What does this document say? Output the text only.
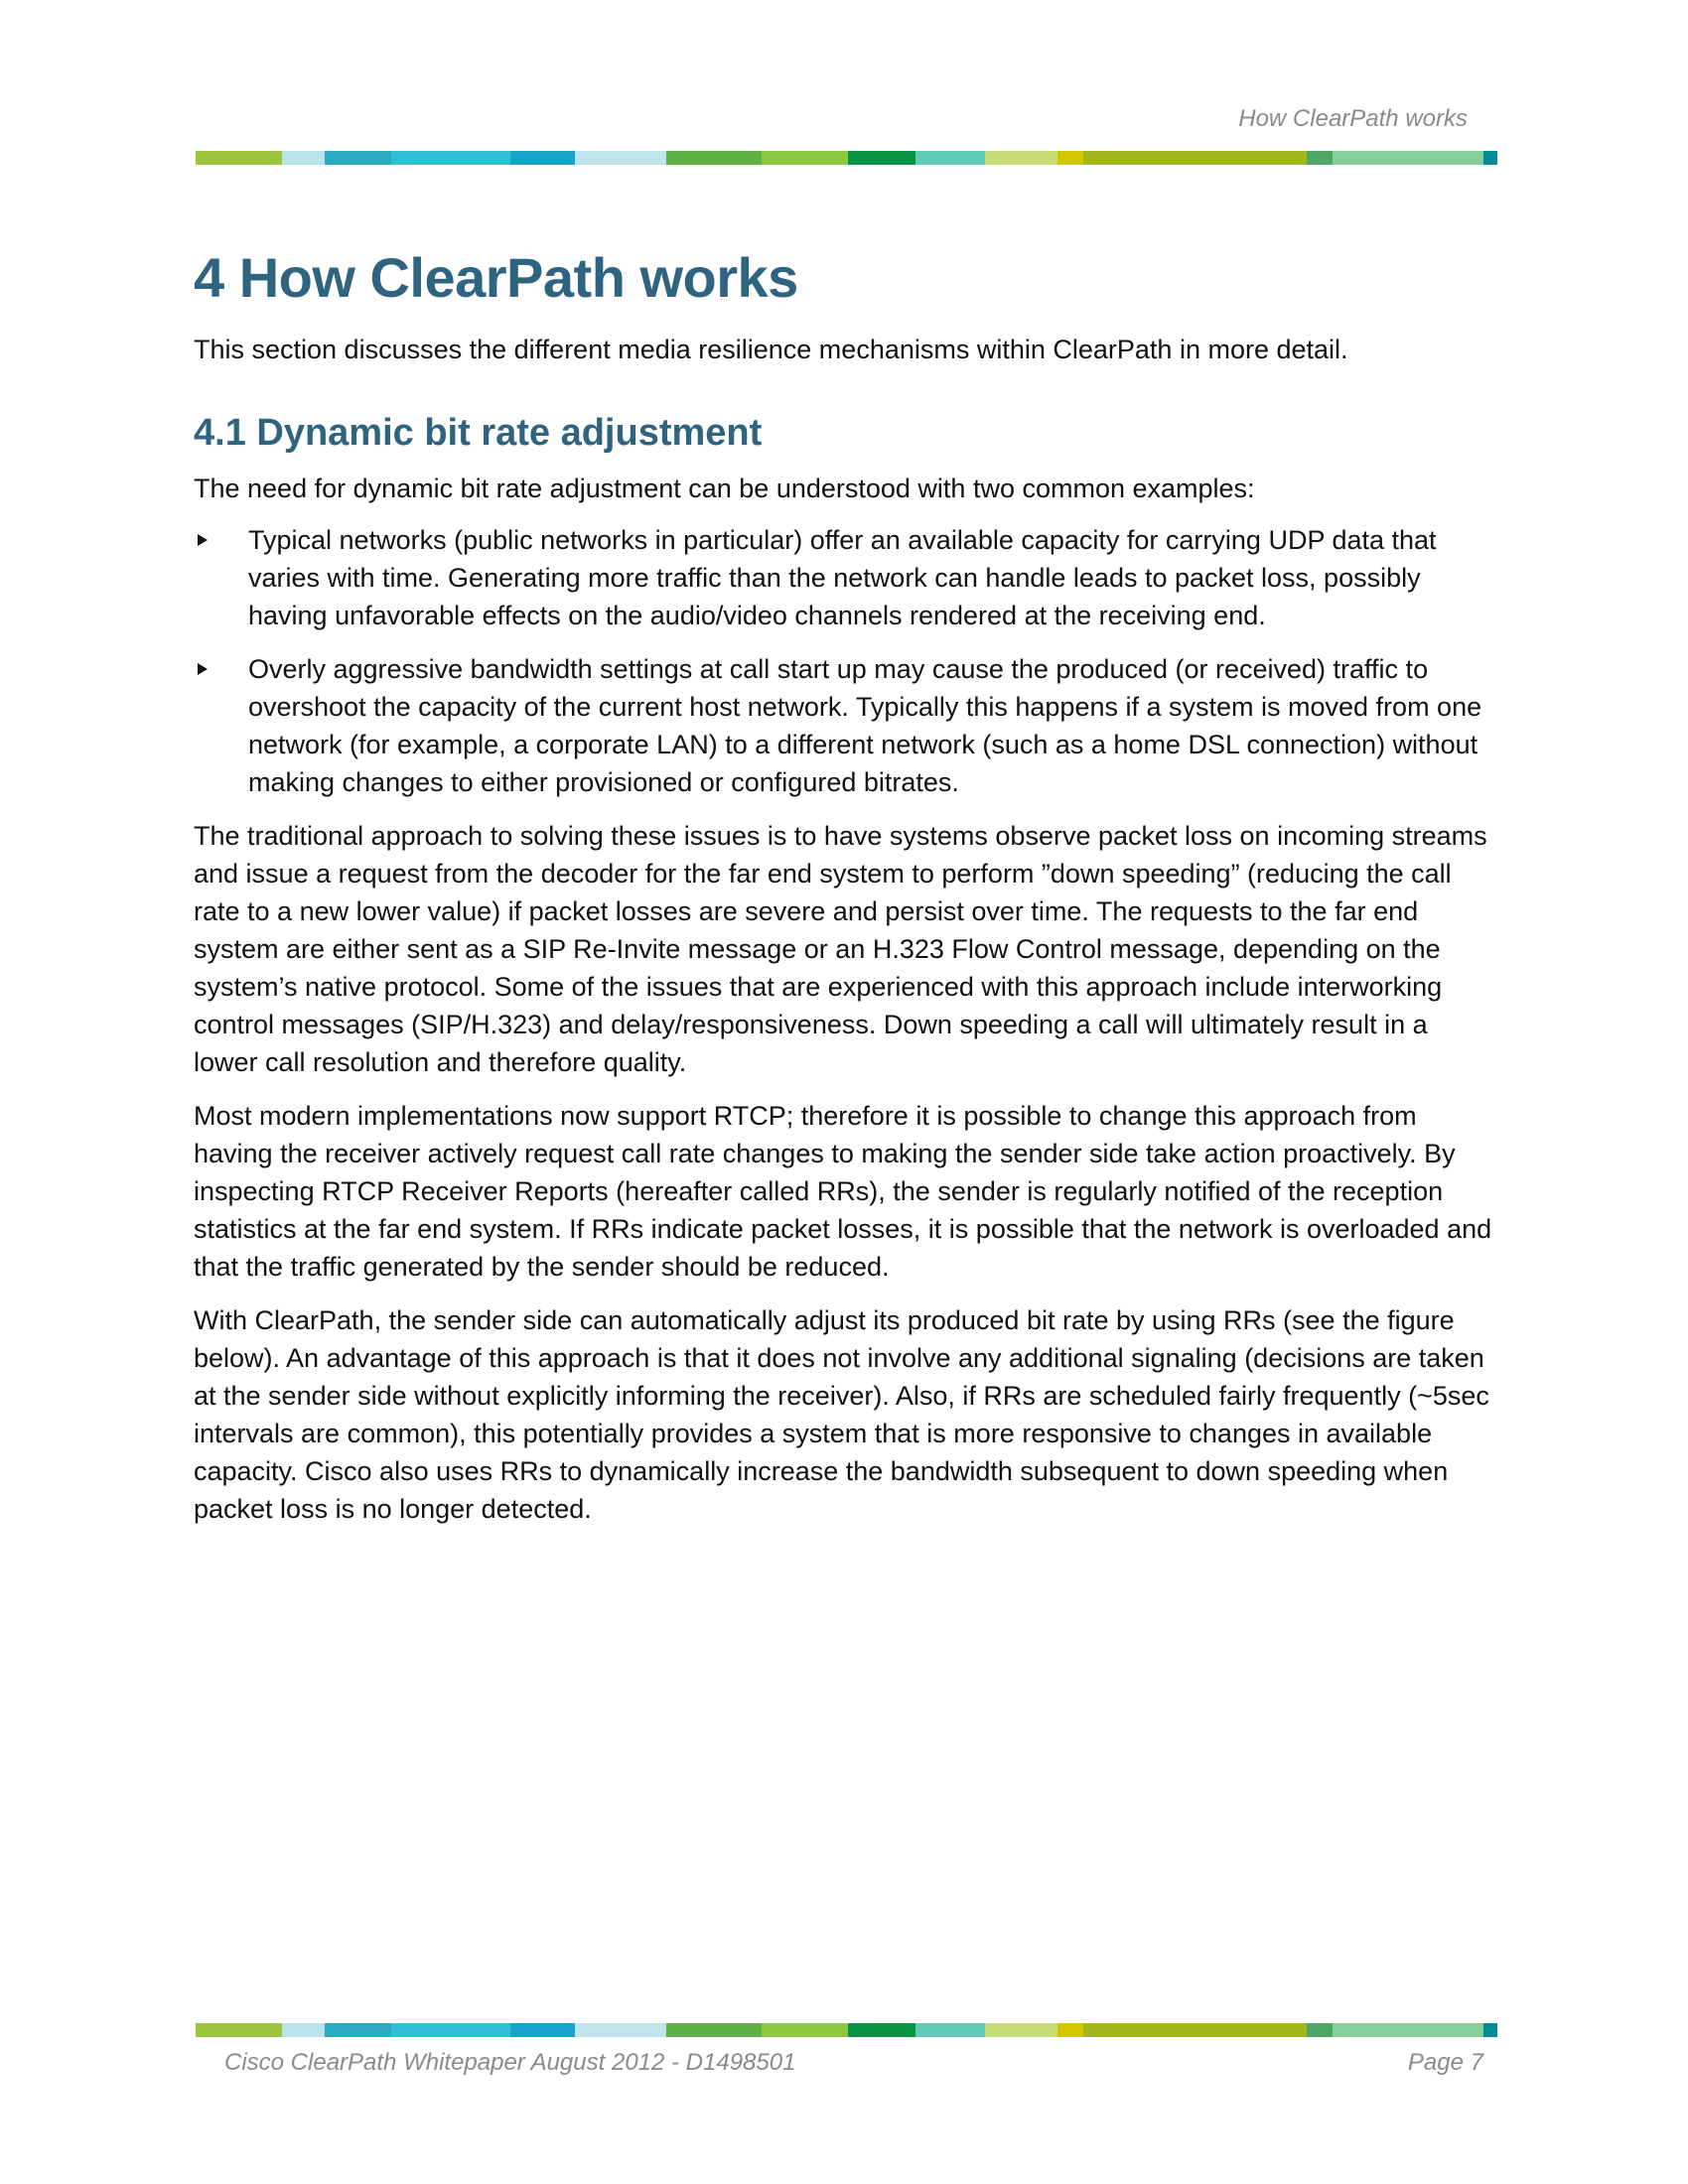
How ClearPath works
4 How ClearPath works

This section discusses the different media resilience mechanisms within ClearPath in more detail.

4.1 Dynamic bit rate adjustment

The need for dynamic bit rate adjustment can be understood with two common examples:

Typical networks (public networks in particular) offer an available capacity for carrying UDP data that varies with time. Generating more traffic than the network can handle leads to packet loss, possibly having unfavorable effects on the audio/video channels rendered at the receiving end.
Overly aggressive bandwidth settings at call start up may cause the produced (or received) traffic to overshoot the capacity of the current host network. Typically this happens if a system is moved from one network (for example, a corporate LAN) to a different network (such as a home DSL connection) without making changes to either provisioned or configured bitrates.

The traditional approach to solving these issues is to have systems observe packet loss on incoming streams and issue a request from the decoder for the far end system to perform ”down speeding” (reducing the call rate to a new lower value) if packet losses are severe and persist over time. The requests to the far end system are either sent as a SIP Re-Invite message or an H.323 Flow Control message, depending on the system’s native protocol. Some of the issues that are experienced with this approach include interworking control messages (SIP/H.323) and delay/responsiveness. Down speeding a call will ultimately result in a lower call resolution and therefore quality.

Most modern implementations now support RTCP; therefore it is possible to change this approach from having the receiver actively request call rate changes to making the sender side take action proactively. By inspecting RTCP Receiver Reports (hereafter called RRs), the sender is regularly notified of the reception statistics at the far end system. If RRs indicate packet losses, it is possible that the network is overloaded and that the traffic generated by the sender should be reduced.

With ClearPath, the sender side can automatically adjust its produced bit rate by using RRs (see the figure below). An advantage of this approach is that it does not involve any additional signaling (decisions are taken at the sender side without explicitly informing the receiver). Also, if RRs are scheduled fairly frequently (~5sec intervals are common), this potentially provides a system that is more responsive to changes in available capacity. Cisco also uses RRs to dynamically increase the bandwidth subsequent to down speeding when packet loss is no longer detected.

Cisco ClearPath Whitepaper August 2012 - D1498501	Page 7
